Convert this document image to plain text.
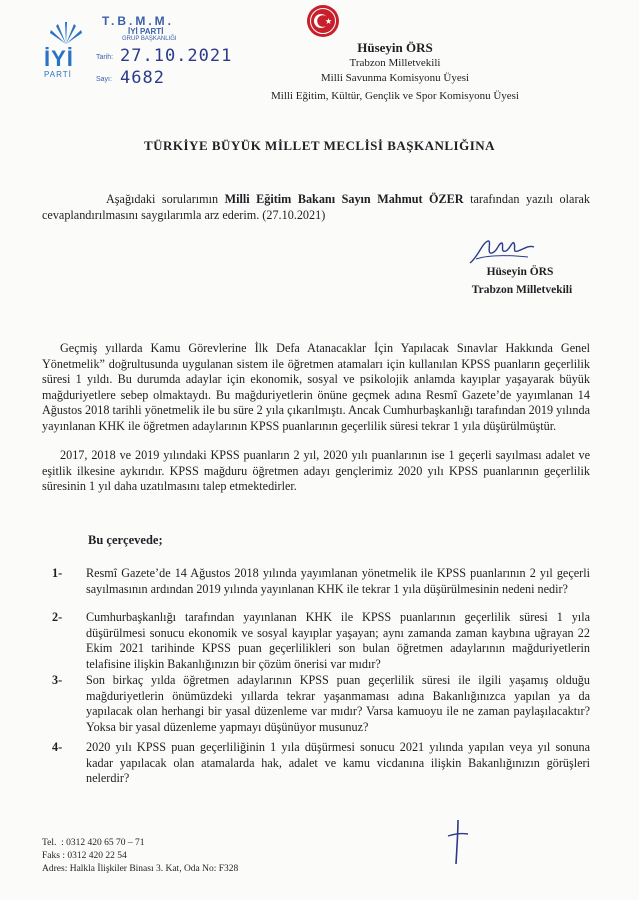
İYİ
PARTİ
T.B.M.M.
İYİ PARTİ
GRUP BAŞKANLIĞI
Tarih: 27.10.2021
Sayı: 4682
Hüseyin ÖRS
Trabzon Milletvekili
Milli Savunma Komisyonu Üyesi
Milli Eğitim, Kültür, Gençlik ve Spor Komisyonu Üyesi
TÜRKİYE BÜYÜK MİLLET MECLİSİ BAŞKANLIĞINA

Aşağıdaki sorularımın Milli Eğitim Bakanı Sayın Mahmut ÖZER tarafından yazılı olarak cevaplandırılmasını saygılarımla arz ederim. (27.10.2021)

Hüseyin ÖRS
Trabzon Milletvekili

Geçmiş yıllarda Kamu Görevlerine İlk Defa Atanacaklar İçin Yapılacak Sınavlar Hakkında Genel Yönetmelik” doğrultusunda uygulanan sistem ile öğretmen atamaları için kullanılan KPSS puanların geçerlilik süresi 1 yıldı. Bu durumda adaylar için ekonomik, sosyal ve psikolojik anlamda kayıplar yaşayarak büyük mağduriyetlere sebep olmaktaydı. Bu mağduriyetlerin önüne geçmek adına Resmî Gazete’de yayımlanan 14 Ağustos 2018 tarihli yönetmelik ile bu süre 2 yıla çıkarılmıştı. Ancak Cumhurbaşkanlığı tarafından 2019 yılında yayınlanan KHK ile öğretmen adaylarının KPSS puanlarının geçerlilik süresi tekrar 1 yıla düşürülmüştür.

2017, 2018 ve 2019 yılındaki KPSS puanların 2 yıl, 2020 yılı puanlarının ise 1 geçerli sayılması adalet ve eşitlik ilkesine aykırıdır. KPSS mağduru öğretmen adayı gençlerimiz 2020 yılı KPSS puanlarının geçerlilik süresinin 1 yıl daha uzatılmasını talep etmektedirler.

Bu çerçevede;
1- Resmî Gazete’de 14 Ağustos 2018 yılında yayımlanan yönetmelik ile KPSS puanlarının 2 yıl geçerli sayılmasının ardından 2019 yılında yayınlanan KHK ile tekrar 1 yıla düşürülmesinin nedeni nedir?

2- Cumhurbaşkanlığı tarafından yayınlanan KHK ile KPSS puanlarının geçerlilik süresi 1 yıla düşürülmesi sonucu ekonomik ve sosyal kayıplar yaşayan; aynı zamanda zaman kaybına uğrayan 22 Ekim 2021 tarihinde KPSS puan geçerlilikleri son bulan öğretmen adaylarının mağduriyetlerin telafisine ilişkin Bakanlığınızın bir çözüm önerisi var mıdır?

3- Son birkaç yılda öğretmen adaylarının KPSS puan geçerlilik süresi ile ilgili yaşamış olduğu mağduriyetlerin önümüzdeki yıllarda tekrar yaşanmaması adına Bakanlığınızca yapılan ya da yapılacak olan herhangi bir yasal düzenleme var mıdır? Varsa kamuoyu ile ne zaman paylaşılacaktır? Yoksa bir yasal düzenleme yapmayı düşünüyor musunuz?

4- 2020 yılı KPSS puan geçerliliğinin 1 yıla düşürmesi sonucu 2021 yılında yapılan veya yıl sonuna kadar yapılacak olan atamalarda hak, adalet ve kamu vicdanına ilişkin Bakanlığınızın görüşleri nelerdir?

Tel.  : 0312 420 65 70 – 71
Faks : 0312 420 22 54
Adres: Halkla İlişkiler Binası 3. Kat, Oda No: F328
